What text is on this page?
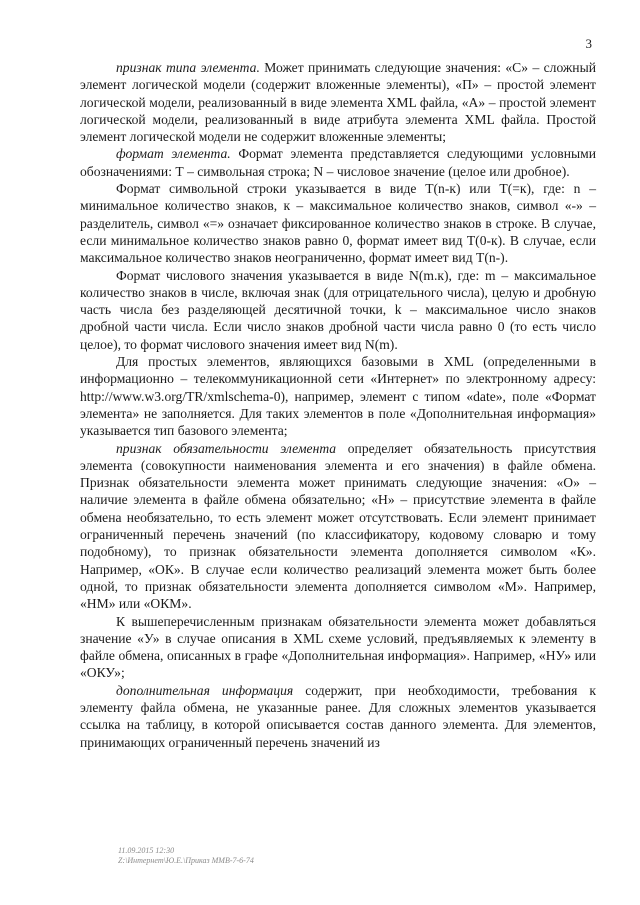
3

признак типа элемента. Может принимать следующие значения: «С» – сложный элемент логической модели (содержит вложенные элементы), «П» – простой элемент логической модели, реализованный в виде элемента XML файла, «А» – простой элемент логической модели, реализованный в виде атрибута элемента XML файла. Простой элемент логической модели не содержит вложенные элементы;

формат элемента. Формат элемента представляется следующими условными обозначениями: Т – символьная строка; N – числовое значение (целое или дробное).

Формат символьной строки указывается в виде Т(n-к) или Т(=к), где: n – минимальное количество знаков, к – максимальное количество знаков, символ «-» – разделитель, символ «=» означает фиксированное количество знаков в строке. В случае, если минимальное количество знаков равно 0, формат имеет вид Т(0-к). В случае, если максимальное количество знаков неограниченно, формат имеет вид Т(n-).

Формат числового значения указывается в виде N(m.к), где: m – максимальное количество знаков в числе, включая знак (для отрицательного числа), целую и дробную часть числа без разделяющей десятичной точки, k – максимальное число знаков дробной части числа. Если число знаков дробной части числа равно 0 (то есть число целое), то формат числового значения имеет вид N(m).

Для простых элементов, являющихся базовыми в XML (определенными в информационно – телекоммуникационной сети «Интернет» по электронному адресу: http://www.w3.org/TR/xmlschema-0), например, элемент с типом «date», поле «Формат элемента» не заполняется. Для таких элементов в поле «Дополнительная информация» указывается тип базового элемента;

признак обязательности элемента определяет обязательность присутствия элемента (совокупности наименования элемента и его значения) в файле обмена. Признак обязательности элемента может принимать следующие значения: «О» – наличие элемента в файле обмена обязательно; «Н» – присутствие элемента в файле обмена необязательно, то есть элемент может отсутствовать. Если элемент принимает ограниченный перечень значений (по классификатору, кодовому словарю и тому подобному), то признак обязательности элемента дополняется символом «К». Например, «ОК». В случае если количество реализаций элемента может быть более одной, то признак обязательности элемента дополняется символом «М». Например, «НМ» или «ОКМ».

К вышеперечисленным признакам обязательности элемента может добавляться значение «У» в случае описания в XML схеме условий, предъявляемых к элементу в файле обмена, описанных в графе «Дополнительная информация». Например, «НУ» или «ОКУ»;

дополнительная информация содержит, при необходимости, требования к элементу файла обмена, не указанные ранее. Для сложных элементов указывается ссылка на таблицу, в которой описывается состав данного элемента. Для элементов, принимающих ограниченный перечень значений из

11.09.2015 12:30
Z:\Интернет\Ю.Е.\Приказ ММВ-7-6-74
